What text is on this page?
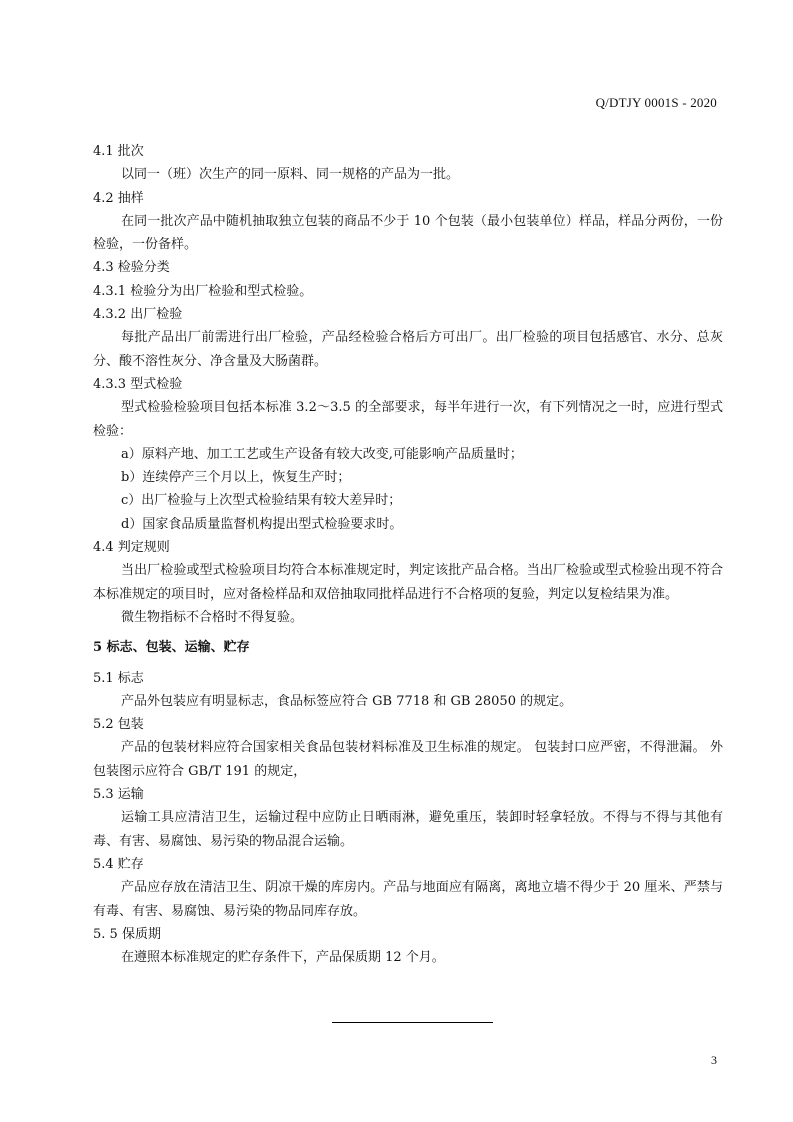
Q/DTJY 0001S - 2020
4.1 批次
以同一（班）次生产的同一原料、同一规格的产品为一批。
4.2 抽样
在同一批次产品中随机抽取独立包装的商品不少于 10 个包装（最小包装单位）样品，样品分两份，一份检验，一份备样。
4.3 检验分类
4.3.1 检验分为出厂检验和型式检验。
4.3.2 出厂检验
每批产品出厂前需进行出厂检验，产品经检验合格后方可出厂。出厂检验的项目包括感官、水分、总灰分、酸不溶性灰分、净含量及大肠菌群。
4.3.3 型式检验
型式检验检验项目包括本标准 3.2～3.5 的全部要求，每半年进行一次，有下列情况之一时，应进行型式检验：
a）原料产地、加工工艺或生产设备有较大改变,可能影响产品质量时；
b）连续停产三个月以上，恢复生产时；
c）出厂检验与上次型式检验结果有较大差异时；
d）国家食品质量监督机构提出型式检验要求时。
4.4 判定规则
当出厂检验或型式检验项目均符合本标准规定时，判定该批产品合格。当出厂检验或型式检验出现不符合本标准规定的项目时，应对备检样品和双倍抽取同批样品进行不合格项的复验，判定以复检结果为准。
微生物指标不合格时不得复验。
5 标志、包装、运输、贮存
5.1 标志
产品外包装应有明显标志，食品标签应符合 GB 7718 和 GB 28050 的规定。
5.2 包装
产品的包装材料应符合国家相关食品包装材料标准及卫生标准的规定。 包装封口应严密，不得泄漏。 外包装图示应符合 GB/T 191 的规定，
5.3 运输
运输工具应清洁卫生，运输过程中应防止日晒雨淋，避免重压，装卸时轻拿轻放。不得与不得与其他有毒、有害、易腐蚀、易污染的物品混合运输。
5.4 贮存
产品应存放在清洁卫生、阴凉干燥的库房内。产品与地面应有隔离，离地立墙不得少于 20 厘米、严禁与有毒、有害、易腐蚀、易污染的物品同库存放。
5. 5 保质期
在遵照本标准规定的贮存条件下，产品保质期 12 个月。
3
